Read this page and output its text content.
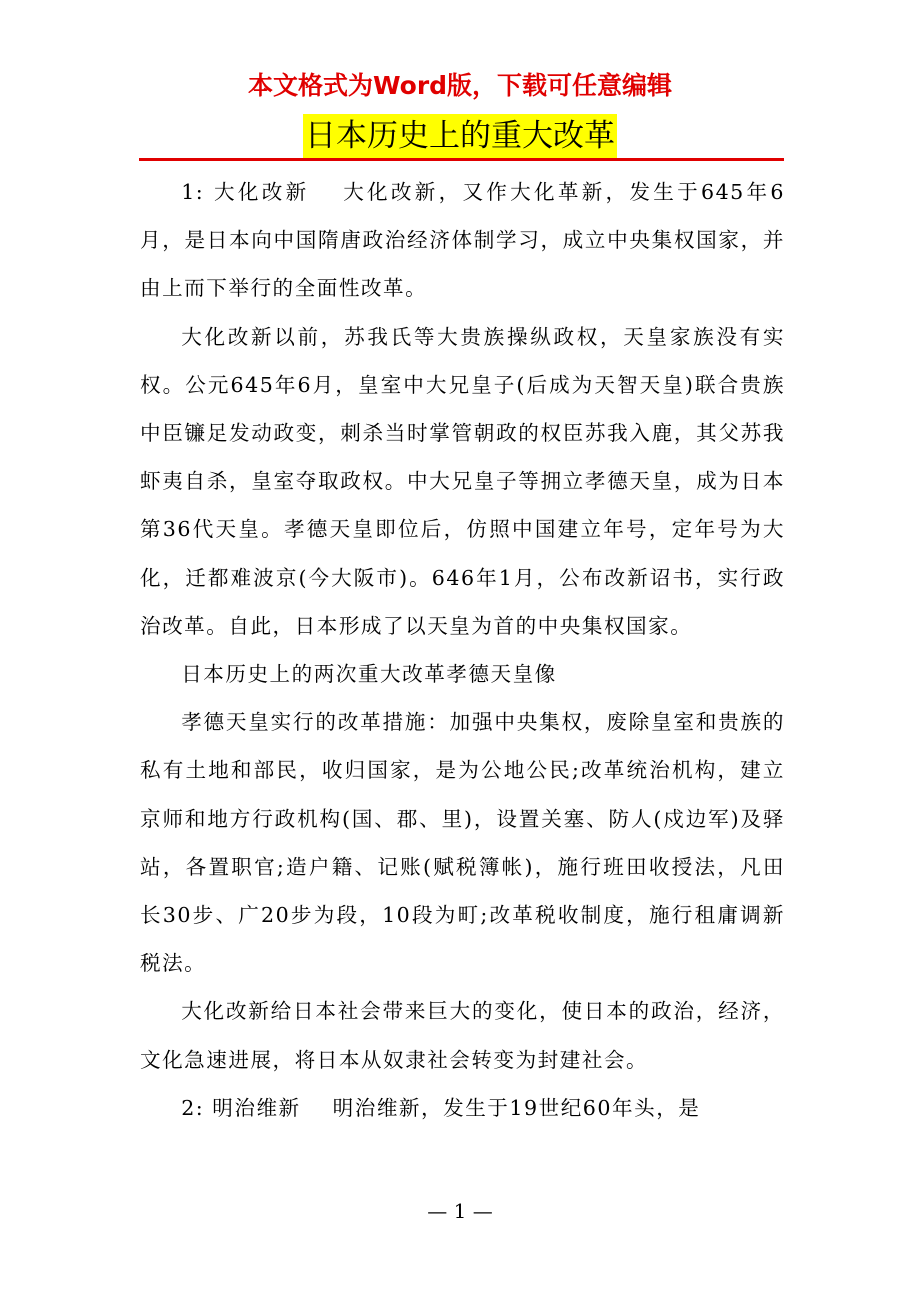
本文格式为Word版，下载可任意编辑
日本历史上的重大改革

1: 大化改新 大化改新，又作大化革新，发生于645年6月，是日本向中国隋唐政治经济体制学习，成立中央集权国家，并由上而下举行的全面性改革。

大化改新以前，苏我氏等大贵族操纵政权，天皇家族没有实权。公元645年6月，皇室中大兄皇子(后成为天智天皇)联合贵族中臣镰足发动政变，刺杀当时掌管朝政的权臣苏我入鹿，其父苏我虾夷自杀，皇室夺取政权。中大兄皇子等拥立孝德天皇，成为日本第36代天皇。孝德天皇即位后，仿照中国建立年号，定年号为大化，迁都难波京(今大阪市)。646年1月，公布改新诏书，实行政治改革。自此，日本形成了以天皇为首的中央集权国家。

日本历史上的两次重大改革孝德天皇像

孝德天皇实行的改革措施：加强中央集权，废除皇室和贵族的私有土地和部民，收归国家，是为公地公民;改革统治机构，建立京师和地方行政机构(国、郡、里)，设置关塞、防人(戍边军)及驿站，各置职官;造户籍、记账(赋税簿帐)，施行班田收授法，凡田长30步、广20步为段，10段为町;改革税收制度，施行租庸调新税法。

大化改新给日本社会带来巨大的变化，使日本的政治，经济，文化急速进展，将日本从奴隶社会转变为封建社会。

2: 明治维新 明治维新，发生于19世纪60年头，是

— 1 —
